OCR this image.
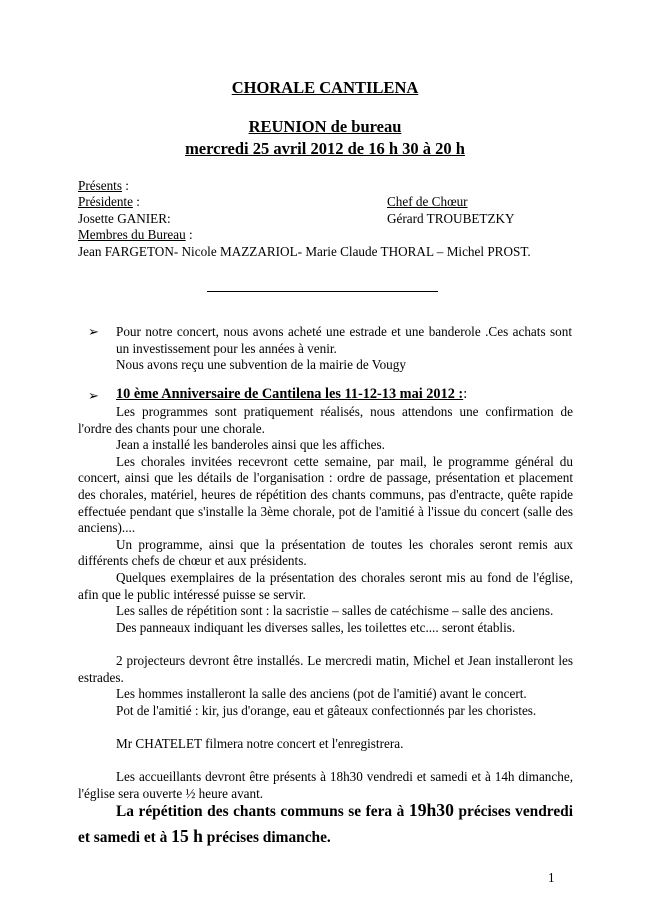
CHORALE CANTILENA
REUNION de bureau
mercredi 25 avril 2012 de 16 h 30 à 20 h
Présents :
Présidente :	Chef de Chœur
Josette GANIER:	Gérard TROUBETZKY
Membres du Bureau :
Jean FARGETON- Nicole MAZZARIOL- Marie Claude THORAL – Michel PROST.
➢ Pour notre concert, nous avons acheté une estrade et une banderole .Ces achats sont
un investissement pour les années à venir.
Nous avons reçu une subvention de la mairie de Vougy
➢ 10 ème Anniversaire de Cantilena les 11-12-13 mai 2012 ::

Les programmes sont pratiquement réalisés, nous attendons une confirmation de l'ordre des chants pour une chorale.

Jean a installé les banderoles ainsi que les affiches.

Les chorales invitées recevront cette semaine, par mail, le programme général du concert, ainsi que les détails de l'organisation : ordre de passage, présentation et placement des chorales, matériel, heures de répétition des chants communs, pas d'entracte, quête rapide effectuée pendant que s'installe la 3ème chorale, pot de l'amitié à l'issue du concert (salle des anciens)....

Un programme, ainsi que la présentation de toutes les chorales seront remis aux différents chefs de chœur et aux présidents.

Quelques exemplaires de la présentation des chorales seront mis au fond de l'église, afin que le public intéressé puisse se servir.

Les salles de répétition sont : la sacristie – salles de catéchisme – salle des anciens.

Des panneaux indiquant les diverses salles, les toilettes etc.... seront établis.

2 projecteurs devront être installés. Le mercredi matin, Michel et Jean installeront les estrades.

Les hommes installeront la salle des anciens (pot de l'amitié) avant le concert.

Pot de l'amitié : kir, jus d'orange, eau et gâteaux confectionnés par les choristes.

Mr CHATELET filmera notre concert et l'enregistrera.

Les accueillants devront être présents à 18h30 vendredi et samedi et à 14h dimanche, l'église sera ouverte ½ heure avant.

La répétition des chants communs se fera à 19h30 précises vendredi et samedi et à 15 h précises dimanche.
1
